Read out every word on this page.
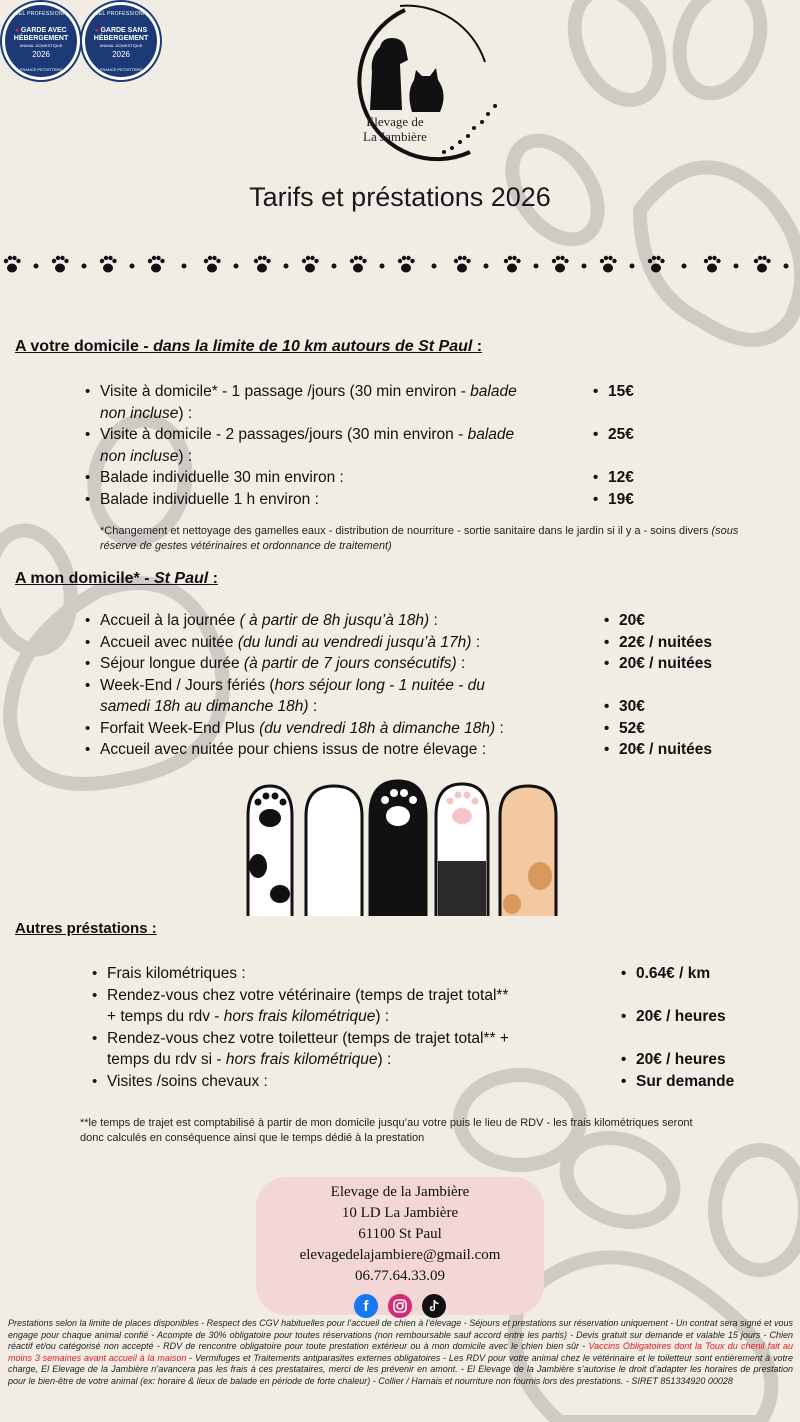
LABEL PROFESSIONNEL
● GARDE AVEC
HÉBERGEMENT
ANIMAL DOMESTIQUE
2026
FRANCE PETSITTERS
LABEL PROFESSIONNEL
● GARDE SANS
HÉBERGEMENT
ANIMAL DOMESTIQUE
2026
FRANCE PETSITTERS
Elevage de
La Jambière
Tarifs et préstations 2026
A votre domicile - dans la limite de 10 km autours de St Paul :
• Visite à domicile* - 1 passage /jours (30 min environ - balade non incluse) :
• Visite à domicile - 2 passages/jours (30 min environ - balade non incluse) :
• Balade individuelle 30 min environ :
• Balade individuelle 1 h environ :
• 15€
• 25€
• 12€
• 19€
*Changement et nettoyage des gamelles eaux - distribution de nourriture - sortie sanitaire dans le jardin si il y a - soins divers (sous réserve de gestes vétérinaires et ordonnance de traitement)
A mon domicile* - St Paul :
• Accueil à la journée ( à partir de 8h jusqu’à 18h) :
• Accueil avec nuitée (du lundi au vendredi jusqu’à 17h) :
• Séjour longue durée (à partir de 7 jours consécutifs) :
• Week-End / Jours fériés (hors séjour long - 1 nuitée - du samedi 18h au dimanche 18h) :
• Forfait Week-End Plus (du vendredi 18h à dimanche 18h) :
• Accueil avec nuitée pour chiens issus de notre élevage :
• 20€
• 22€ / nuitées
• 20€ / nuitées
• 30€
• 52€
• 20€ / nuitées
Autres préstations :
• Frais kilométriques :
• Rendez-vous chez votre vétérinaire (temps de trajet total** + temps du rdv - hors frais kilométrique) :
• Rendez-vous chez votre toiletteur (temps de trajet total** + temps du rdv si - hors frais kilométrique) :
• Visites /soins chevaux :
• 0.64€ / km
• 20€ / heures
• 20€ / heures
• Sur demande
**le temps de trajet est comptabilisé à partir de mon domicile jusqu’au votre puis le lieu de RDV - les frais kilométriques seront donc calculés en conséquence ainsi que le temps dédié à la prestation
Elevage de la Jambière
10 LD La Jambière
61100 St Paul
elevagedelajambiere@gmail.com
06.77.64.33.09
f
Prestations selon la limite de places disponibles - Respect des CGV habituelles pour l’accueil de chien à l’élevage - Séjours et prestations sur réservation uniquement - Un contrat sera signé et vous engage pour chaque animal confié - Acompte de 30% obligatoire pour toutes réservations (non remboursable sauf accord entre les partis) - Devis gratuit sur demande et valable 15 jours - Chien réactif et/ou catégorisé non accepté - RDV de rencontre obligatoire pour toute prestation extérieur ou à mon domicile avec le chien bien sûr - Vaccins Obligatoires dont la Toux du chenil fait au moins 3 semaines avant accueil à la maison - Vermifuges et Traitements antiparasites externes obligatoires - Les RDV pour votre animal chez le vétérinaire et le toiletteur sont entièrement à votre charge, El Elevage de la Jambière n’avancera pas les frais à ces prestataires, merci de les prévenir en amont. - El Elevage de la Jambière s’autorise le droit d’adapter les horaires de prestation pour le bien-être de votre animal (ex: horaire & lieux de balade en période de forte chaleur) - Collier / Harnais et nourriture non fournis lors des prestations. - SIRET 851334920 00028
